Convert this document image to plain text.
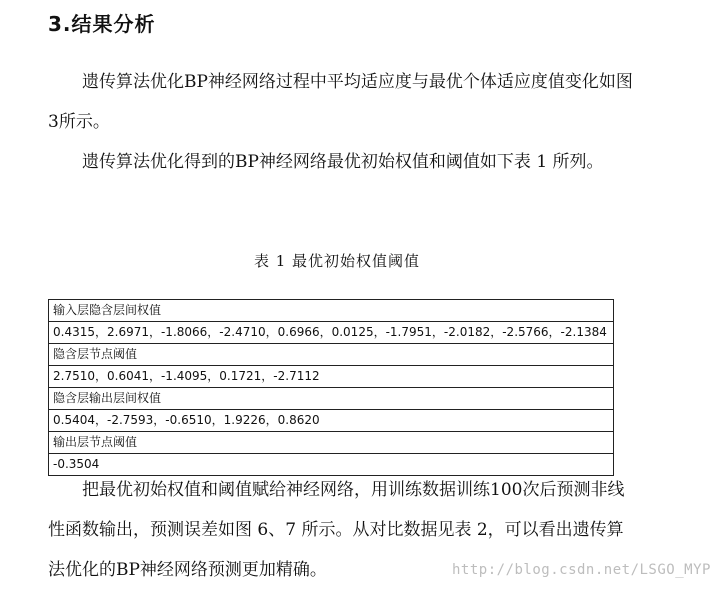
3.结果分析

遗传算法优化BP神经网络过程中平均适应度与最优个体适应度值变化如图3所示。

遗传算法优化得到的BP神经网络最优初始权值和阈值如下表 1 所列。

表 1 最优初始权值阈值
输入层隐含层间权值
0.4315，2.6971，-1.8066，-2.4710，0.6966，0.0125，-1.7951，-2.0182，-2.5766，-2.1384
隐含层节点阈值
2.7510，0.6041，-1.4095，0.1721，-2.7112
隐含层输出层间权值
0.5404，-2.7593，-0.6510，1.9226，0.8620
输出层节点阈值
-0.3504

把最优初始权值和阈值赋给神经网络，用训练数据训练100次后预测非线性函数输出，预测误差如图 6、7 所示。从对比数据见表 2，可以看出遗传算法优化的BP神经网络预测更加精确。	http://blog.csdn.net/LSGO_MYP
